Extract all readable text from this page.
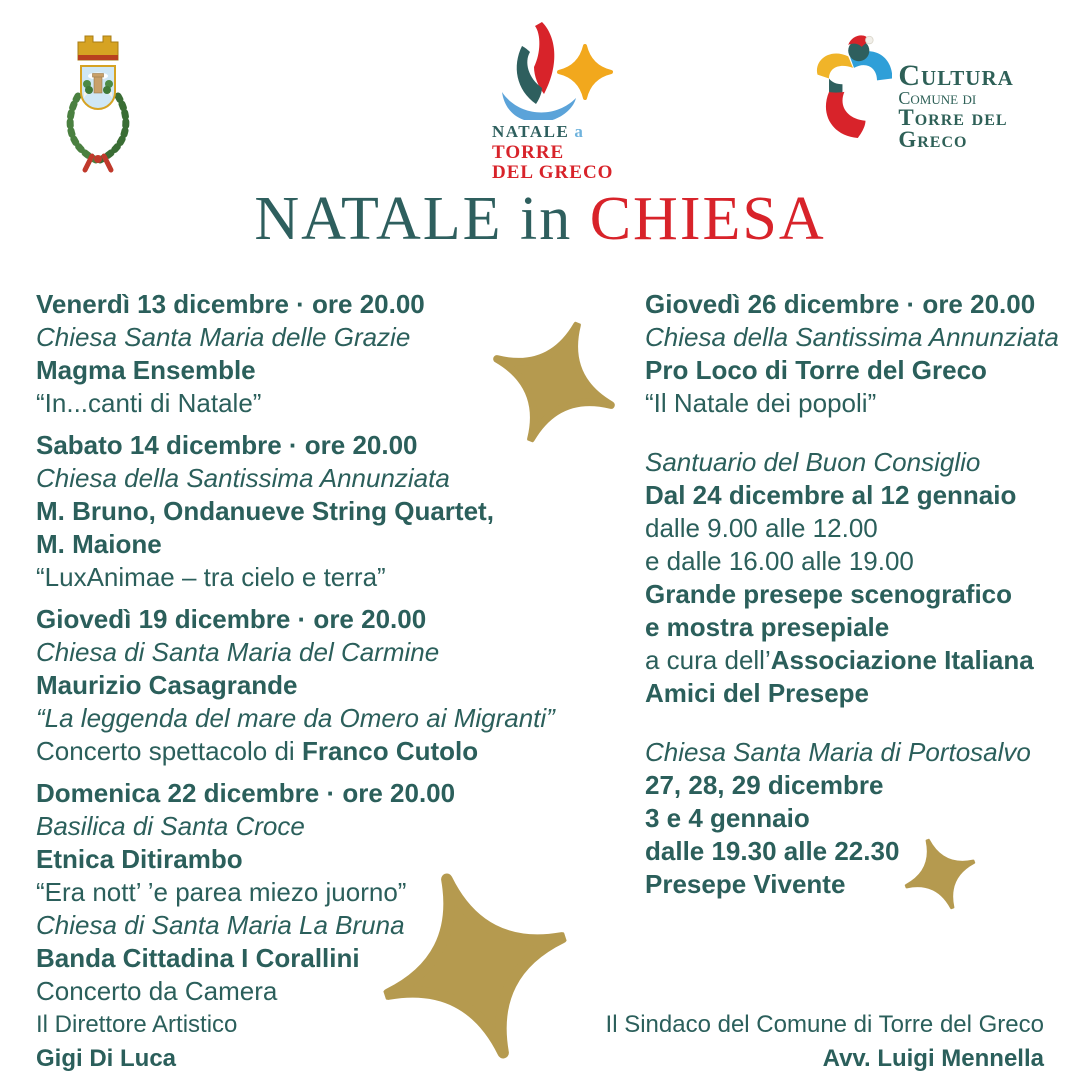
NATALE a
TORRE
DEL GRECO
Cultura
Comune di
Torre del Greco
NATALE in CHIESA
Venerdì 13 dicembre · ore 20.00
Chiesa Santa Maria delle Grazie
Magma Ensemble
“In...canti di Natale”
Sabato 14 dicembre · ore 20.00
Chiesa della Santissima Annunziata
M. Bruno, Ondanueve String Quartet,
M. Maione
“LuxAnimae – tra cielo e terra”
Giovedì 19 dicembre · ore 20.00
Chiesa di Santa Maria del Carmine
Maurizio Casagrande
“La leggenda del mare da Omero ai Migranti”
Concerto spettacolo di Franco Cutolo
Domenica 22 dicembre · ore 20.00
Basilica di Santa Croce
Etnica Ditirambo
“Era nott’ ’e parea miezo juorno”
Chiesa di Santa Maria La Bruna
Banda Cittadina I Corallini
Concerto da Camera
Giovedì 26 dicembre · ore 20.00
Chiesa della Santissima Annunziata
Pro Loco di Torre del Greco
“Il Natale dei popoli”
Santuario del Buon Consiglio
Dal 24 dicembre al 12 gennaio
dalle 9.00 alle 12.00
e dalle 16.00 alle 19.00
Grande presepe scenografico
e mostra presepiale
a cura dell’Associazione Italiana
Amici del Presepe
Chiesa Santa Maria di Portosalvo
27, 28, 29 dicembre
3 e 4 gennaio
dalle 19.30 alle 22.30
Presepe Vivente
Il Direttore Artistico
Gigi Di Luca
Il Sindaco del Comune di Torre del Greco
Avv. Luigi Mennella
